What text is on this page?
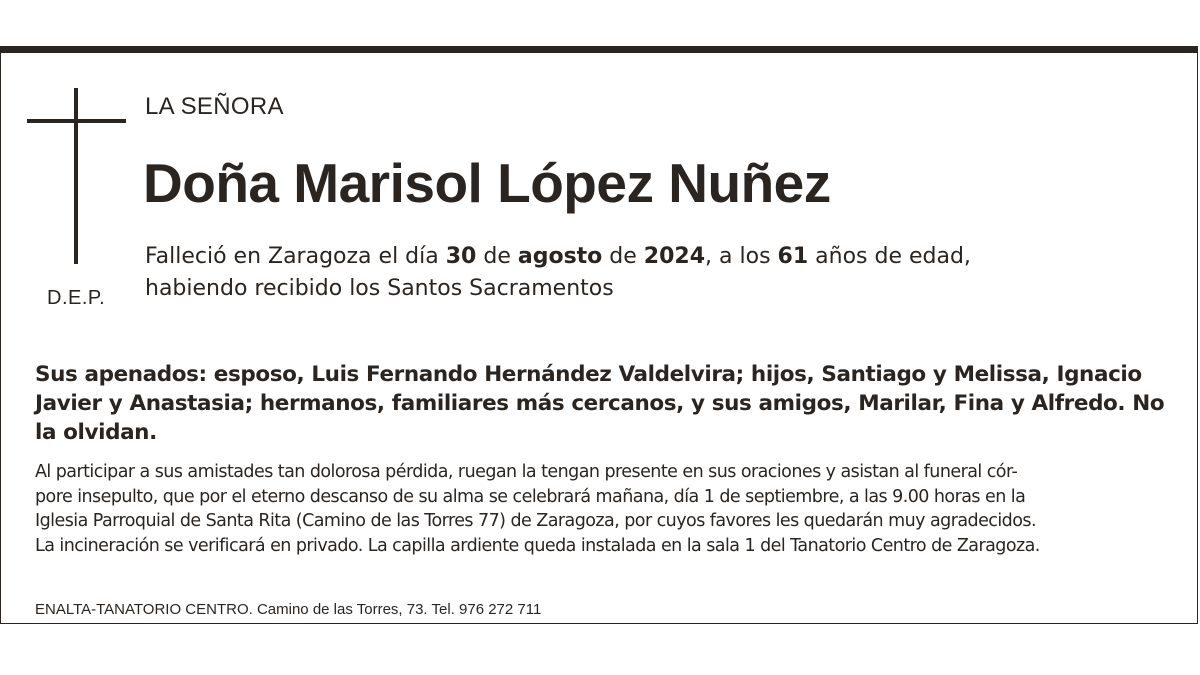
D.E.P.
LA SEÑORA
Doña Marisol López Nuñez
Falleció en Zaragoza el día 30 de agosto de 2024, a los 61 años de edad,
habiendo recibido los Santos Sacramentos
Sus apenados: esposo, Luis Fernando Hernández Valdelvira; hijos, Santiago y Melissa, Ignacio Javier y Anastasia; hermanos, familiares más cercanos, y sus amigos, Marilar, Fina y Alfredo. No la olvidan.
Al participar a sus amistades tan dolorosa pérdida, ruegan la tengan presente en sus oraciones y asistan al funeral cór-
pore insepulto, que por el eterno descanso de su alma se celebrará mañana, día 1 de septiembre, a las 9.00 horas en la
Iglesia Parroquial de Santa Rita (Camino de las Torres 77) de Zaragoza, por cuyos favores les quedarán muy agradecidos.
La incineración se verificará en privado. La capilla ardiente queda instalada en la sala 1 del Tanatorio Centro de Zaragoza.
ENALTA-TANATORIO CENTRO. Camino de las Torres, 73. Tel. 976 272 711
